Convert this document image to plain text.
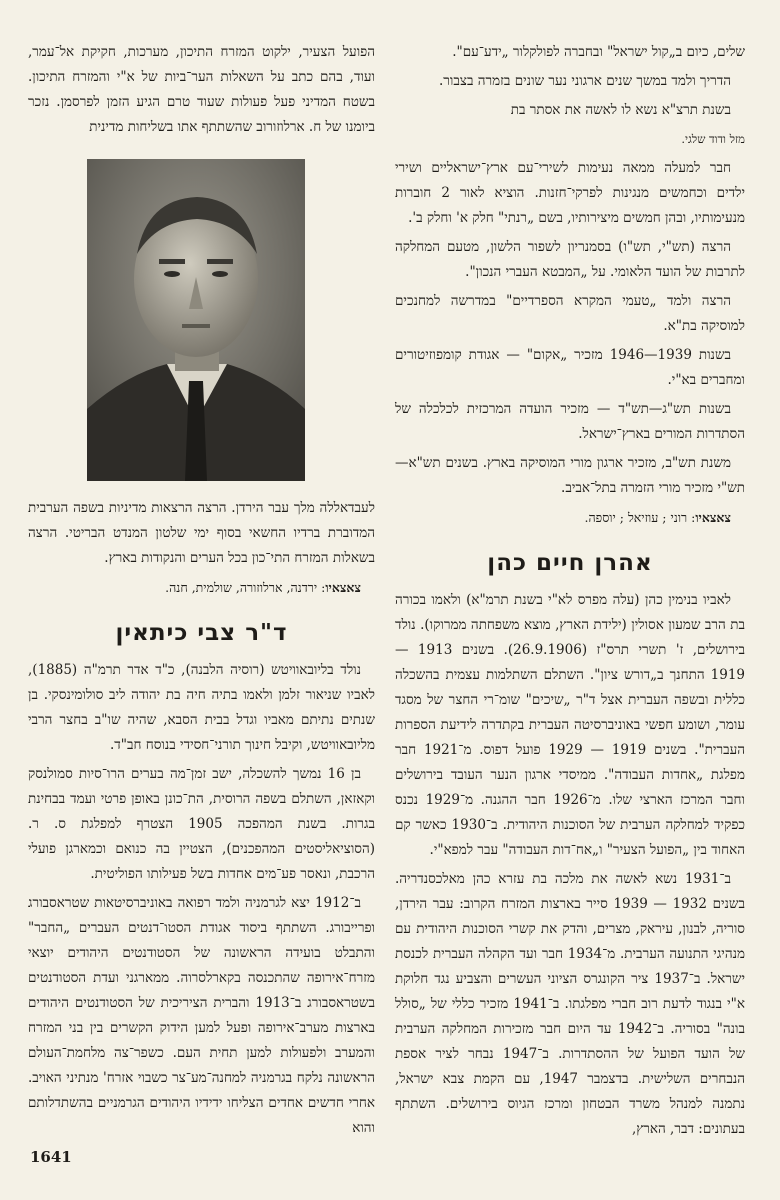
שלים, כיום ב„קול ישראל" ובחברה לפולקלור „ידע־עם".

הדריך ולמד במשך שנים ארגוני נער שונים בזמרה בצבור.

בשנת תרצ"א נשא לו לאשה את אסתר בת

מזל ודוד שלגי.

חבר למעלה ממאה נעימות לשירי־עם ארץ־ישראליים ושירי ילדים וכחמשים מנגינות לפרקי־חזנות. הוציא לאור 2 חוברות מנעימותיו, ובהן חמשים מיצירותיו, בשם „רנתי" חלק א' וחלק ב'.

הרצה (תש"י, תש"ו) בסמנריון לשפור הלשון, מטעם המחלקה לתרבות של הועד הלאומי. על „המבטא העברי הנכון".

הרצה ולמד „טעמי המקרא הספרדיים" במדרשה למחנכים למוסיקה בת"א.

בשנות 1939—1946 מזכיר „אקום" — אגודת קומפוזיטורים ומחברים בא"י.

בשנות תש"ג—תש"ד — מזכיר הועדה המרכזית לכלכלה של הסתדרות המורים בארץ־ישראל.

משנת תש"ב, מזכיר ארגון מורי המוסיקה בארץ. בשנים תש"א—תש"י מזכיר מורי הזמרה בתל־אביב.

צאצאיו: רוני ; עוזיאל ; יוספה.

אהרן חיים כהן

לאביו בנימין כהן (עלה מפרס לא"י בשנת תרמ"א) ולאמו בכורה בת הרב שמעון אסולין (ילידת הארץ, מוצא משפחתה ממרוקו). נולד בירושלים, ז' תשרי תרס"ז (26.9.1906). בשנים 1913 — 1919 התחנך ב„דורש ציון". השתלם השתלמות עצמית בהשכלה כללית ובשפה העברית אצל ד"ר „שיכים" שומ־רי החצר של מסגד עומר, ושומע חפשי באוניברסיטה העברית בקתדרה לידיעת הספרות העברית". בשנים 1919 — 1929 פועל דפוס. מ־1921 חבר מפלגת „אחדות העבודה". ממיסדי ארגון הנער העובד בירושלים וחבר המרכז הארצי שלו. מ־1926 חבר ההגנה. מ־1929 נכנס כפקיד למחלקה הערבית של הסוכנות היהודית. ב־1930 כאשר קם האחוד בין „הפועל הצעיר" ו„אח־דות העבודה" עבר למפא"י.

ב־1931 נשא לאשה את מלכה בת עזרא כהן מאלכסנדריה. בשנים 1932 — 1939 סייר בארצות המזרח הקרוב: עבר הירדן, סוריה, לבנון, עיראק, מצרים, והדק את קשרי הסוכנות היהודית עם מנהיגי התנועה הערבית. מ־1934 חבר ועד הקהלה העברית לכנסת ישראל. ב־1937 ציר הקונגרס הציוני העשרים והצביע נגד חלוקת א"י בנגוד לדעת רוב חברי מפלגתו. ב־1941 מזכיר כללי של „סולל בונה" בסוריה. ב־1942 עד היום חבר מזכירות המחלקה הערבית של הועד הפועל של ההסתדרות. ב־1947 נבחר לציר אספת הנבחרים השלישית. בדצמבר 1947, עם הקמת צבא ישראל, נתמנה למנהל משרד הבטחון ומרכז הגיוס בירושלים. השתתף בעתונים: דבר, הארץ,

הפועל הצעיר, ילקוט המזרח התיכון, מערכות, חקיקת אל־עמר, ועוד, בהם כתב על השאלות הער־ביות של א"י והמזרח התיכון. בשטח המדיני פעל פעולות שעוד טרם הגיע הזמן לפרסמן. נזכר ביומנו של ח. ארלוזורוב שהשתתף אתו בשליחות מדינית

לעבדאללה מלך עבר הירדן. הרצה הרצאות מדיניות בשפה הערבית המדוברת ברדיו החשאי בסוף ימי שלטון המנדט הבריטי. הרצה בשאלות המזרח התי־כון בכל הערים והנקודות בארץ.

צאצאיו: ירדנה, ארלוזורה, שולמית, חנה.

ד"ר צבי כיתאין

נולד בליובאוויטש (רוסיה הלבנה), כ"ד אדר תרמ"ה (1885), לאביו שניאור זלמן ולאמו בתיה חיה בת יהודה ליב סולומינסקי. בן שנתים נתיתם מאביו וגדל בבית הסבא, שהיה שו"ב בחצר הרבי מליובאוויטש, וקיבל חינוך תורני־חסידי בנוסח חב"ד.

בן 16 נמשך להשכלה, ישב זמן־מה בערים הרו־סיות סמולנסק וקאזאן, השתלם בשפה הרוסית, הת־כונן באופן פרטי ועמד בבחינת בגרות. בשנת המהפכה 1905 הצטרף למפלגת ס. ר. (הסוציאליסטים המהפכנים), הצטיין בה כנואם וכמארגן פועלי הרכבת, ונאסר פע־מים אחדות בשל פעילותו הפוליטית.

ב־1912 יצא לגרמניה ולמד רפואה באוניברסיטאות שטראסבורג ופרייבורג. השתתף ביסוד אגודת הסטו־דנטים העברים „החבר" והתבלט בועידה הראשונה של הסטודנטים היהודים יוצאי מזרח־אירופה שהתכנסה בקארלסרוה. ממארגני ועדת הסטודנטים בשטראסבורג ב־1913 והברית הציריכית של הסטודנטים היהודים בארצות מערב־אירופה ופעל למען הידוק הקשרים בין בני המזרח והמערב ולפעולות למען תחית העם. כשפר־צה מלחמת־העולם הראשונה נלקח בגרמניה למחנה־מע־צר כשבוי אזרח' מנתיני האויב. אחרי חדשים אחדים הצליחו ידידיו היהודים הגרמניים בהשתדלותם והוא

1641
